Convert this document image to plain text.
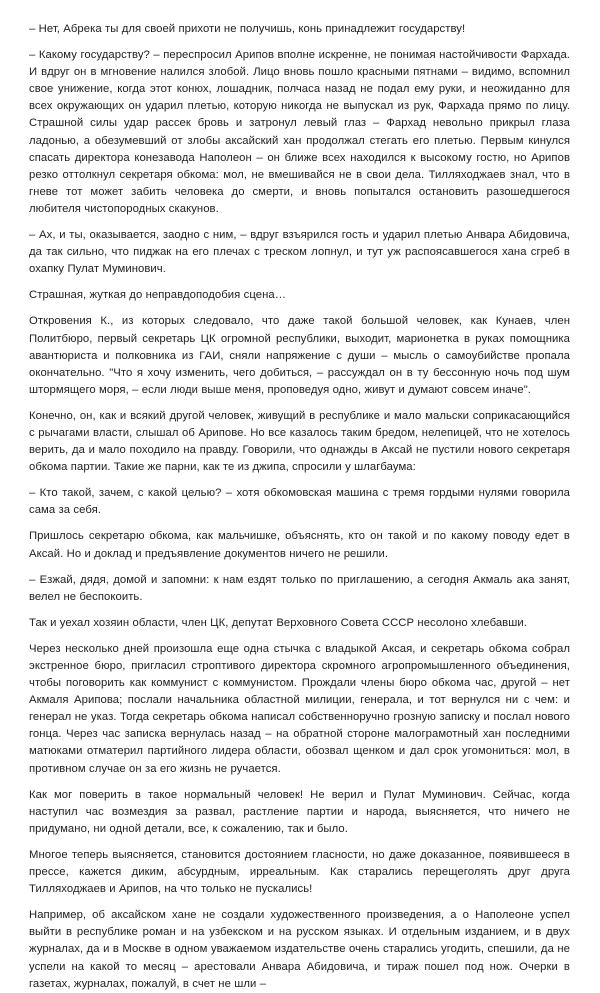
– Нет, Абрека ты для своей прихоти не получишь, конь принадлежит государству!

– Какому государству? – переспросил Арипов вполне искренне, не понимая настойчивости Фархада. И вдруг он в мгновение налился злобой. Лицо вновь пошло красными пятнами – видимо, вспомнил свое унижение, когда этот конюх, лошадник, полчаса назад не подал ему руки, и неожиданно для всех окружающих он ударил плетью, которую никогда не выпускал из рук, Фархада прямо по лицу. Страшной силы удар рассек бровь и затронул левый глаз – Фархад невольно прикрыл глаза ладонью, а обезумевший от злобы аксайский хан продолжал стегать его плетью. Первым кинулся спасать директора конезавода Наполеон – он ближе всех находился к высокому гостю, но Арипов резко оттолкнул секретаря обкома: мол, не вмешивайся не в свои дела. Тилляходжаев знал, что в гневе тот может забить человека до смерти, и вновь попытался остановить разошедшегося любителя чистопородных скакунов.

– Ах, и ты, оказывается, заодно с ним, – вдруг взъярился гость и ударил плетью Анвара Абидовича, да так сильно, что пиджак на его плечах с треском лопнул, и тут уж распоясавшегося хана сгреб в охапку Пулат Муминович.

Страшная, жуткая до неправдоподобия сцена…

Откровения К., из которых следовало, что даже такой большой человек, как Кунаев, член Политбюро, первый секретарь ЦК огромной республики, выходит, марионетка в руках помощника авантюриста и полковника из ГАИ, сняли напряжение с души – мысль о самоубийстве пропала окончательно. "Что я хочу изменить, чего добиться, – рассуждал он в ту бессонную ночь под шум штормящего моря, – если люди выше меня, проповедуя одно, живут и думают совсем иначе".

Конечно, он, как и всякий другой человек, живущий в республике и мало мальски соприкасающийся с рычагами власти, слышал об Арипове. Но все казалось таким бредом, нелепицей, что не хотелось верить, да и мало походило на правду. Говорили, что однажды в Аксай не пустили нового секретаря обкома партии. Такие же парни, как те из джипа, спросили у шлагбаума:

– Кто такой, зачем, с какой целью? – хотя обкомовская машина с тремя гордыми нулями говорила сама за себя.

Пришлось секретарю обкома, как мальчишке, объяснять, кто он такой и по какому поводу едет в Аксай. Но и доклад и предъявление документов ничего не решили.

– Езжай, дядя, домой и запомни: к нам ездят только по приглашению, а сегодня Акмаль ака занят, велел не беспокоить.

Так и уехал хозяин области, член ЦК, депутат Верховного Совета СССР несолоно хлебавши.

Через несколько дней произошла еще одна стычка с владыкой Аксая, и секретарь обкома собрал экстренное бюро, пригласил строптивого директора скромного агропромышленного объединения, чтобы поговорить как коммунист с коммунистом. Прождали члены бюро обкома час, другой – нет Акмаля Арипова; послали начальника областной милиции, генерала, и тот вернулся ни с чем: и генерал не указ. Тогда секретарь обкома написал собственноручно грозную записку и послал нового гонца. Через час записка вернулась назад – на обратной стороне малограмотный хан последними матюками отматерил партийного лидера области, обозвал щенком и дал срок угомониться: мол, в противном случае он за его жизнь не ручается.

Как мог поверить в такое нормальный человек! Не верил и Пулат Муминович. Сейчас, когда наступил час возмездия за развал, растление партии и народа, выясняется, что ничего не придумано, ни одной детали, все, к сожалению, так и было.

Многое теперь выясняется, становится достоянием гласности, но даже доказанное, появившееся в прессе, кажется диким, абсурдным, ирреальным. Как старались перещеголять друг друга Тилляходжаев и Арипов, на что только не пускались!

Например, об аксайском хане не создали художественного произведения, а о Наполеоне успел выйти в республике роман и на узбекском и на русском языках. И отдельным изданием, и в двух журналах, да и в Москве в одном уважаемом издательстве очень старались угодить, спешили, да не успели на какой то месяц – арестовали Анвара Абидовича, и тираж пошел под нож. Очерки в газетах, журналах, пожалуй, в счет не шли –
